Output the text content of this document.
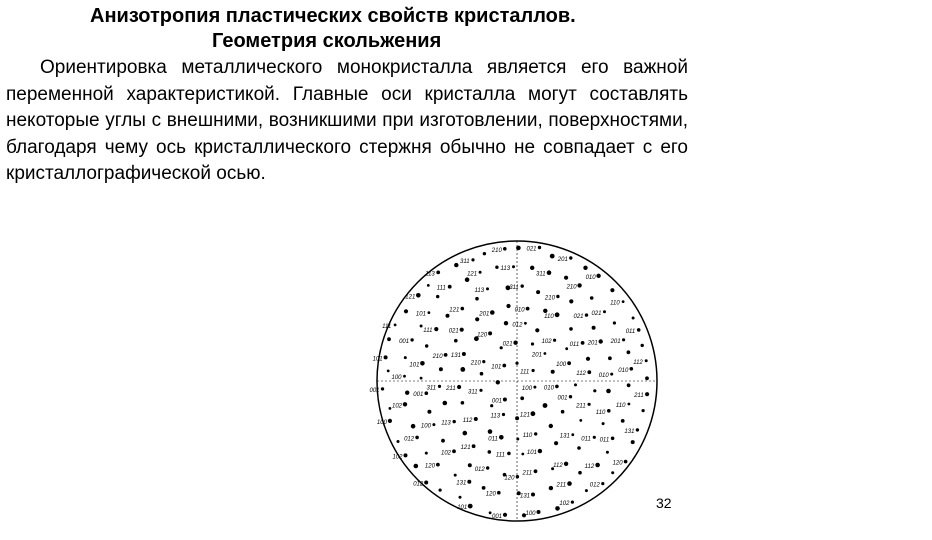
Анизотропия пластических свойств кристаллов.
Геометрия скольжения
Ориентировка металлического монокристалла является его важной переменной характеристикой. Главные оси кристалла могут составлять некоторые углы с внешними, возникшими при изготовлении, поверхностями, благодаря чему ось кристаллического стержня обычно не совпадает с его кристаллографической осью.
100
001
101
111
121
113
311
210
021
201
010
110
011
112
211
131
120
012
102
100
001
101
111
121
113
311
210
021
201
010
110
011
112
211
131
120
012
102
100
001
101
111
121
113	311
210
021
201
010
110
011
112
211
131
120
012
102
100
001
101
111
121
113
311
210
021
201
010
110
011
112
211
131
120
012
102
100
001
101
111
121
113
311
210	021
201
010
110
011
112
211
131
120
012
102
100
001
101	32
